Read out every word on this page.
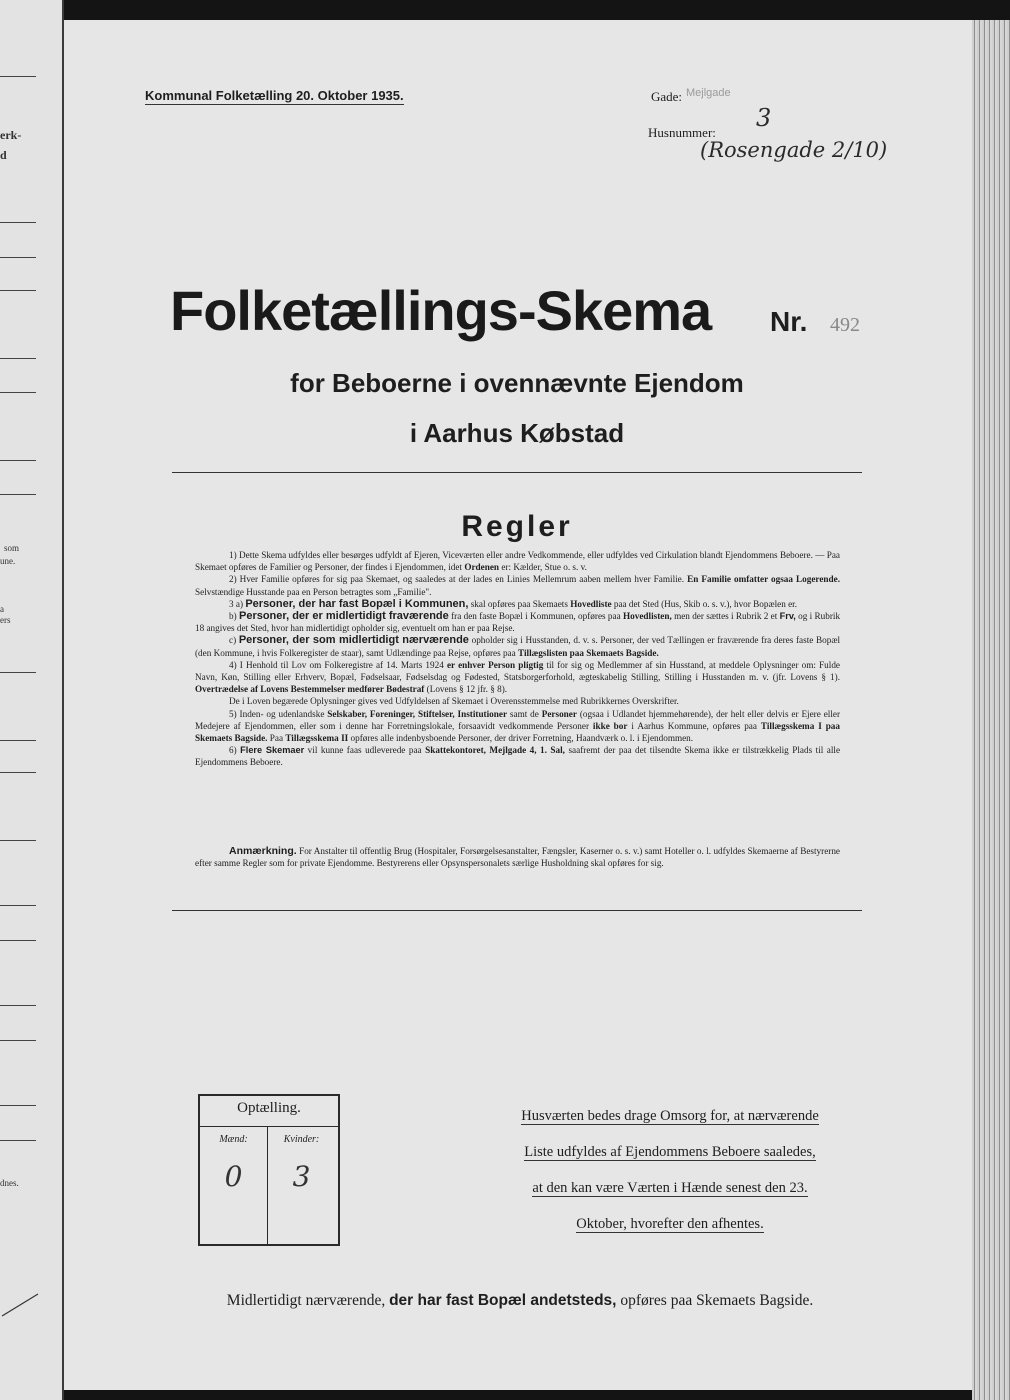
erk-
d
som
une.
a
ers
dnes.
Kommunal Folketælling 20. Oktober 1935.	Gade: Mejlgade
Husnummer:
3
(Rosengade 2/10)
Folketællings-Skema Nr. 492
for Beboerne i ovennævnte Ejendom
i Aarhus Købstad
Regler

1) Dette Skema udfyldes eller besørges udfyldt af Ejeren, Viceværten eller andre Vedkommende, eller udfyldes ved Cirkulation blandt Ejendommens Beboere. — Paa Skemaet opføres de Familier og Personer, der findes i Ejendommen, idet Ordenen er: Kælder, Stue o. s. v.

2) Hver Familie opføres for sig paa Skemaet, og saaledes at der lades en Linies Mellemrum aaben mellem hver Familie. En Familie omfatter ogsaa Logerende. Selvstændige Husstande paa en Person betragtes som „Familie".

3 a) Personer, der har fast Bopæl i Kommunen, skal opføres paa Skemaets Hovedliste paa det Sted (Hus, Skib o. s. v.), hvor Bopælen er.

b) Personer, der er midlertidigt fraværende fra den faste Bopæl i Kommunen, opføres paa Hovedlisten, men der sættes i Rubrik 2 et Frv, og i Rubrik 18 angives det Sted, hvor han midlertidigt opholder sig, eventuelt om han er paa Rejse.

c) Personer, der som midlertidigt nærværende opholder sig i Husstanden, d. v. s. Personer, der ved Tællingen er fraværende fra deres faste Bopæl (den Kommune, i hvis Folkeregister de staar), samt Udlændinge paa Rejse, opføres paa Tillægslisten paa Skemaets Bagside.

4) I Henhold til Lov om Folkeregistre af 14. Marts 1924 er enhver Person pligtig til for sig og Medlemmer af sin Husstand, at meddele Oplysninger om: Fulde Navn, Køn, Stilling eller Erhverv, Bopæl, Fødselsaar, Fødselsdag og Fødested, Statsborgerforhold, ægteskabelig Stilling, Stilling i Husstanden m. v. (jfr. Lovens § 1). Overtrædelse af Lovens Bestemmelser medfører Bødestraf (Lovens § 12 jfr. § 8).

De i Loven begærede Oplysninger gives ved Udfyldelsen af Skemaet i Overensstemmelse med Rubrikkernes Overskrifter.

5) Inden- og udenlandske Selskaber, Foreninger, Stiftelser, Institutioner samt de Personer (ogsaa i Udlandet hjemmehørende), der helt eller delvis er Ejere eller Medejere af Ejendommen, eller som i denne har Forretningslokale, forsaavidt vedkommende Personer ikke bor i Aarhus Kommune, opføres paa Tillægsskema I paa Skemaets Bagside. Paa Tillægsskema II opføres alle indenbysboende Personer, der driver Forretning, Haandværk o. l. i Ejendommen.

6) Flere Skemaer vil kunne faas udleverede paa Skattekontoret, Mejlgade 4, 1. Sal, saafremt der paa det tilsendte Skema ikke er tilstrækkelig Plads til alle Ejendommens Beboere.

Anmærkning. For Anstalter til offentlig Brug (Hospitaler, Forsørgelsesanstalter, Fængsler, Kaserner o. s. v.) samt Hoteller o. l. udfyldes Skemaerne af Bestyrerne efter samme Regler som for private Ejendomme. Bestyrerens eller Opsynspersonalets særlige Husholdning skal opføres for sig.
Optælling.
Mænd:	Kvinder:
0	3
Husværten bedes drage Omsorg for, at nærværende
Liste udfyldes af Ejendommens Beboere saaledes,
at den kan være Værten i Hænde senest den 23.
Oktober, hvorefter den afhentes.
Midlertidigt nærværende, der har fast Bopæl andetsteds, opføres paa Skemaets Bagside.
